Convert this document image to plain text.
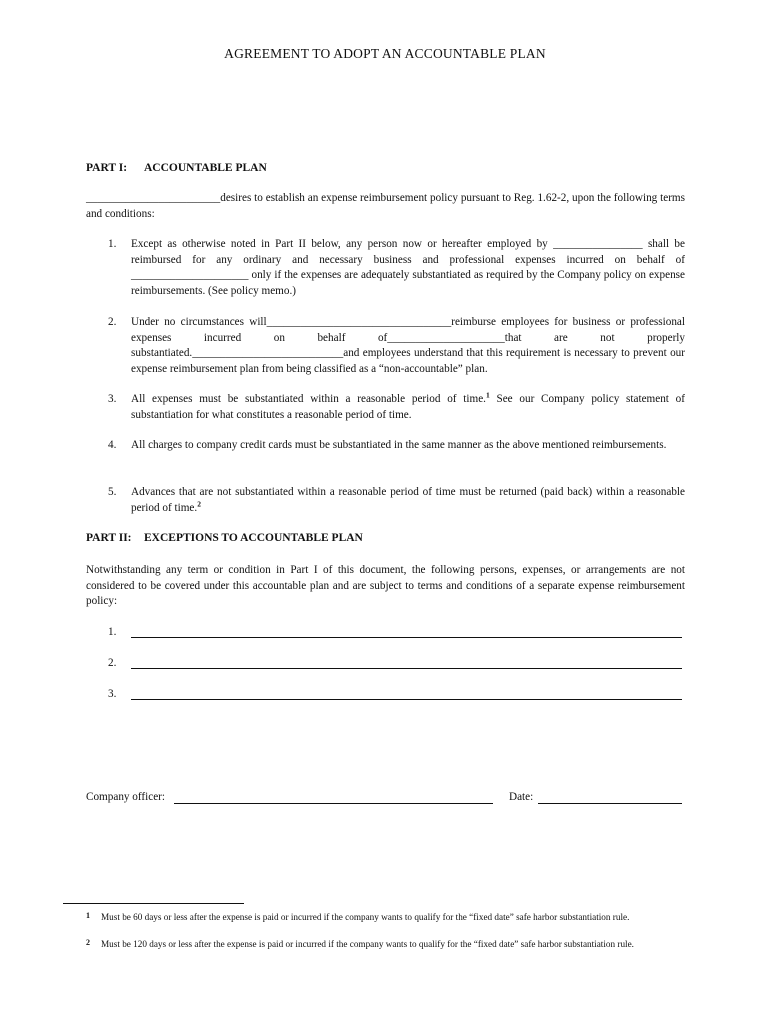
AGREEMENT TO ADOPT AN ACCOUNTABLE PLAN
PART I: ACCOUNTABLE PLAN
________________________desires to establish an expense reimbursement policy pursuant to Reg. 1.62-2, upon the following terms and conditions:
1. Except as otherwise noted in Part II below, any person now or hereafter employed by ________________ shall be reimbursed for any ordinary and necessary business and professional expenses incurred on behalf of _____________________ only if the expenses are adequately substantiated as required by the Company policy on expense reimbursements. (See policy memo.)
2. Under no circumstances will_________________________________reimburse employees for business or professional expenses incurred on behalf of_____________________that are not properly substantiated.___________________________and employees understand that this requirement is necessary to prevent our expense reimbursement plan from being classified as a “non-accountable” plan.
3. All expenses must be substantiated within a reasonable period of time.$^1$ See our Company policy statement of substantiation for what constitutes a reasonable period of time.
4. All charges to company credit cards must be substantiated in the same manner as the above mentioned reimbursements.
5. Advances that are not substantiated within a reasonable period of time must be returned (paid back) within a reasonable period of time.$^2$
PART II: EXCEPTIONS TO ACCOUNTABLE PLAN
Notwithstanding any term or condition in Part I of this document, the following persons, expenses, or arrangements are not considered to be covered under this accountable plan and are subject to terms and conditions of a separate expense reimbursement policy:
1.
2.
3.
Company officer:	Date:
1 Must be 60 days or less after the expense is paid or incurred if the company wants to qualify for the “fixed date” safe harbor substantiation rule.
2 Must be 120 days or less after the expense is paid or incurred if the company wants to qualify for the “fixed date” safe harbor substantiation rule.
